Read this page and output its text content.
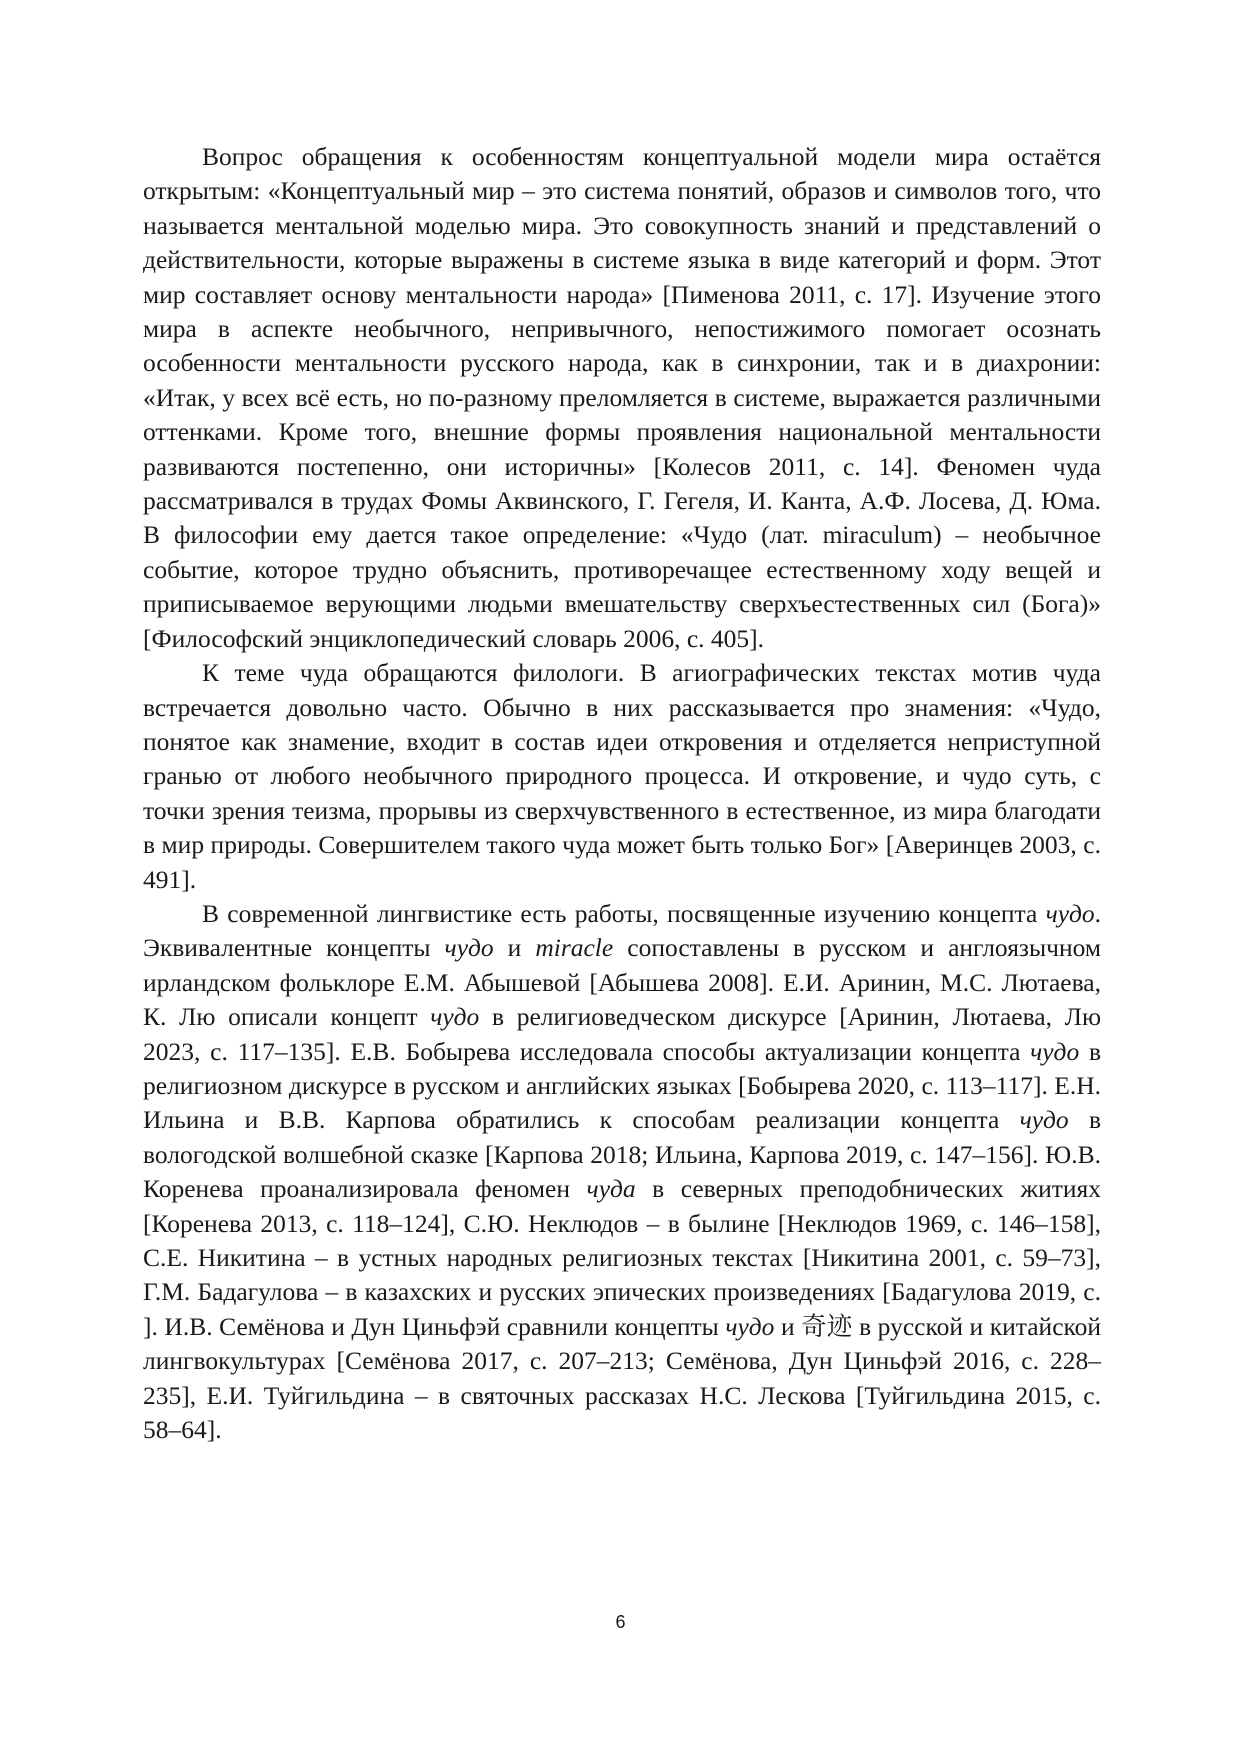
Вопрос обращения к особенностям концептуальной модели мира остаётся открытым: «Концептуальный мир – это система понятий, образов и символов того, что называется ментальной моделью мира. Это совокупность знаний и представлений о действительности, которые выражены в системе языка в виде категорий и форм. Этот мир составляет основу ментальности народа» [Пименова 2011, с. 17]. Изучение этого мира в аспекте необычного, непривычного, непостижимого помогает осознать особенности ментальности русского народа, как в синхронии, так и в диахронии: «Итак, у всех всё есть, но по-разному преломляется в системе, выражается различными оттенками. Кроме того, внешние формы проявления национальной ментальности развиваются постепенно, они историчны» [Колесов 2011, с. 14]. Феномен чуда рассматривался в трудах Фомы Аквинского, Г. Гегеля, И. Канта, А.Ф. Лосева, Д. Юма. В философии ему дается такое определение: «Чудо (лат. miraculum) – необычное событие, которое трудно объяснить, противоречащее естественному ходу вещей и приписываемое верующими людьми вмешательству сверхъестественных сил (Бога)» [Философский энциклопедический словарь 2006, с. 405].

К теме чуда обращаются филологи. В агиографических текстах мотив чуда встречается довольно часто. Обычно в них рассказывается про знамения: «Чудо, понятое как знамение, входит в состав идеи откровения и отделяется неприступной гранью от любого необычного природного процесса. И откровение, и чудо суть, с точки зрения теизма, прорывы из сверхчувственного в естественное, из мира благодати в мир природы. Совершителем такого чуда может быть только Бог» [Аверинцев 2003, с. 491].

В современной лингвистике есть работы, посвященные изучению концепта чудо. Эквивалентные концепты чудо и miracle сопоставлены в русском и англоязычном ирландском фольклоре Е.М. Абышевой [Абышева 2008]. Е.И. Аринин, М.С. Лютаева, К. Лю описали концепт чудо в религиоведческом дискурсе [Аринин, Лютаева, Лю 2023, с. 117–135]. Е.В. Бобырева исследовала способы актуализации концепта чудо в религиозном дискурсе в русском и английских языках [Бобырева 2020, с. 113–117]. Е.Н. Ильина и В.В. Карпова обратились к способам реализации концепта чудо в вологодской волшебной сказке [Карпова 2018; Ильина, Карпова 2019, с. 147–156]. Ю.В. Коренева проанализировала феномен чуда в северных преподобнических житиях [Коренева 2013, с. 118–124], С.Ю. Неклюдов – в былине [Неклюдов 1969, с. 146–158], С.Е. Никитина – в устных народных религиозных текстах [Никитина 2001, с. 59–73], Г.М. Бадагулова – в казахских и русских эпических произведениях [Бадагулова 2019, с. ]. И.В. Семёнова и Дун Циньфэй сравнили концепты чудо и 奇迹 в русской и китайской лингвокультурах [Семёнова 2017, с. 207–213; Семёнова, Дун Циньфэй 2016, с. 228–235], Е.И. Туйгильдина – в святочных рассказах Н.С. Лескова [Туйгильдина 2015, с. 58–64].

6
